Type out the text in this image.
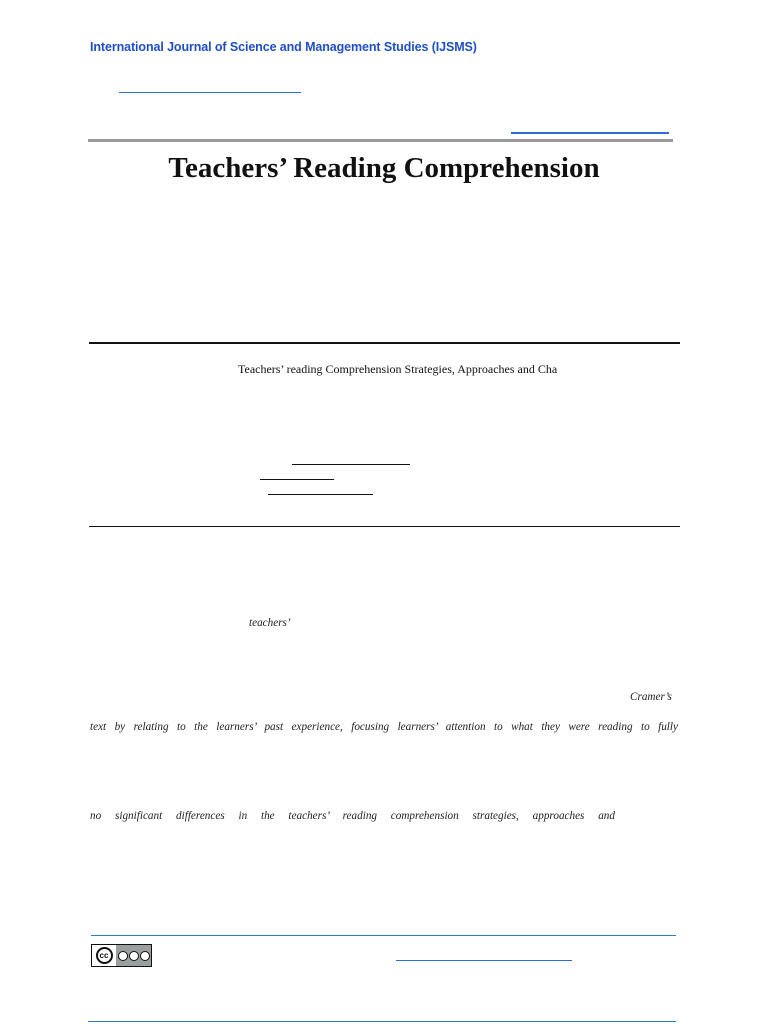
International Journal of Science and Management Studies (IJSMS)
Teachers’ Reading Comprehension
Teachers’ reading Comprehension Strategies, Approaches and Cha
teachers’
Cramer’s
text by relating to the learners’ past experience, focusing learners’ attention to what they were reading to fully
no significant differences in the teachers’ reading comprehension strategies, approaches and
cc
